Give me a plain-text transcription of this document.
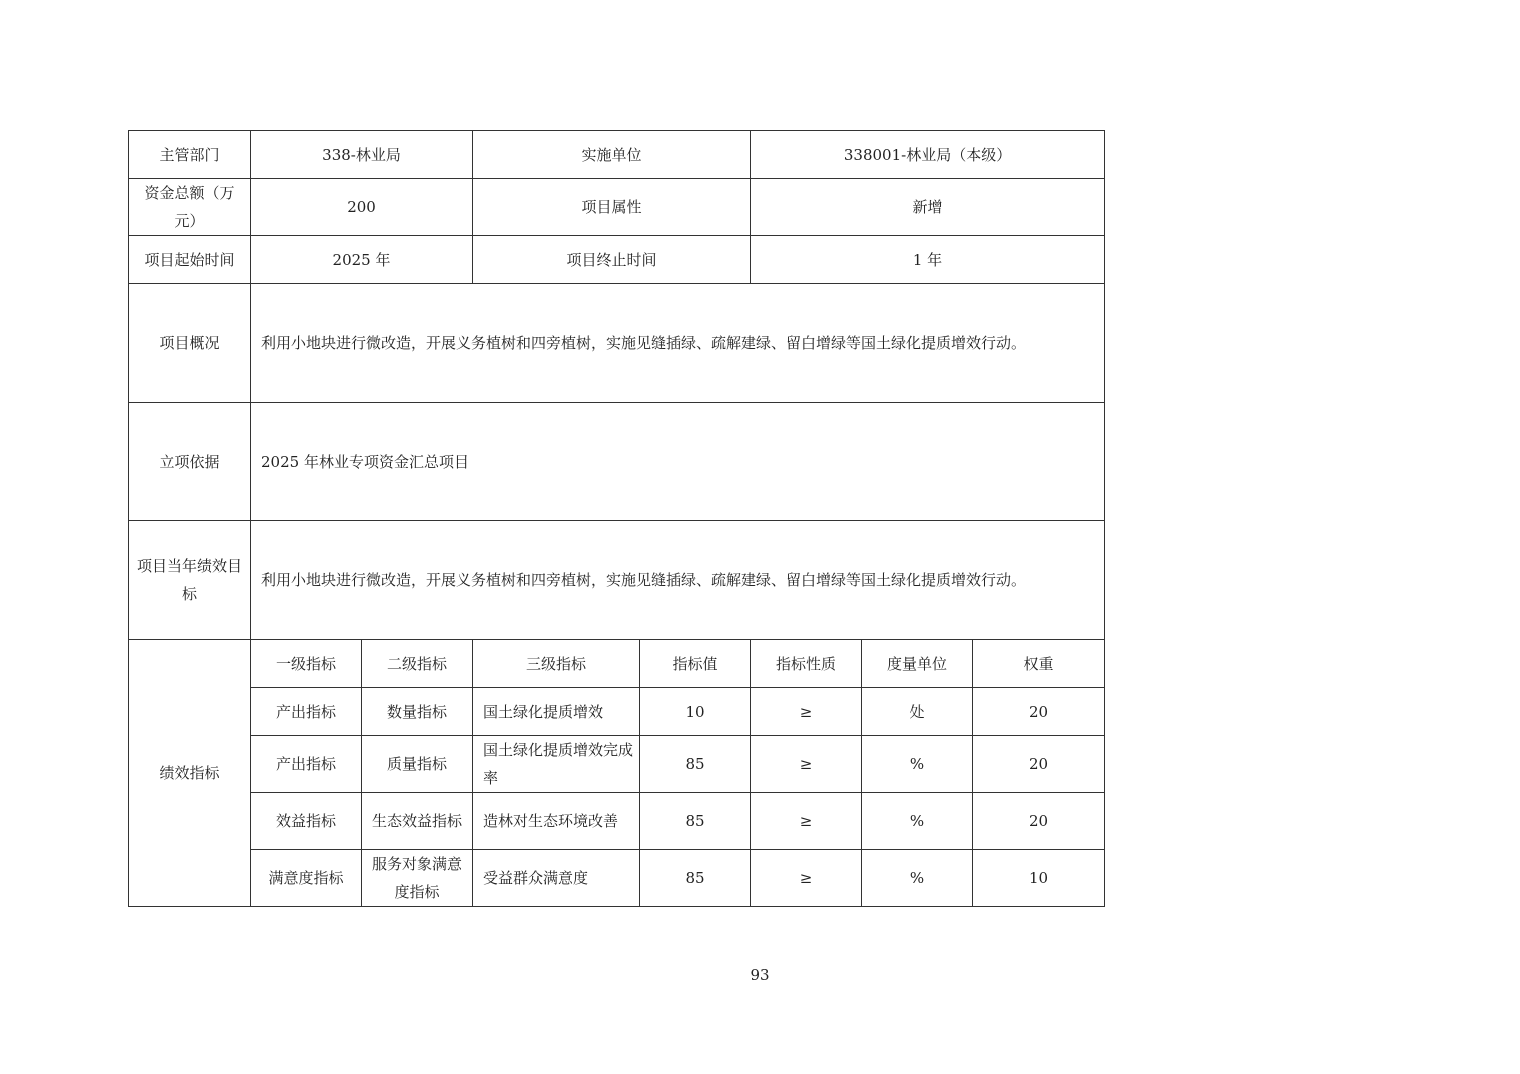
主管部门	338-林业局		实施单位		338001-林业局（本级）		
资金总额（万元）	200		项目属性		新增		
项目起始时间	2025 年		项目终止时间		1 年		
项目概况	利用小地块进行微改造，开展义务植树和四旁植树，实施见缝插绿、疏解建绿、留白增绿等国土绿化提质增效行动。						
立项依据	2025 年林业专项资金汇总项目						
项目当年绩效目标	利用小地块进行微改造，开展义务植树和四旁植树，实施见缝插绿、疏解建绿、留白增绿等国土绿化提质增效行动。						
绩效指标	一级指标	二级指标	三级指标	指标值	指标性质	度量单位	权重
	产出指标	数量指标	国土绿化提质增效	10	≥	处	20
	产出指标	质量指标	国土绿化提质增效完成率	85	≥	%	20
	效益指标	生态效益指标	造林对生态环境改善	85	≥	%	20
	满意度指标	服务对象满意度指标	受益群众满意度	85	≥	%	10
93
